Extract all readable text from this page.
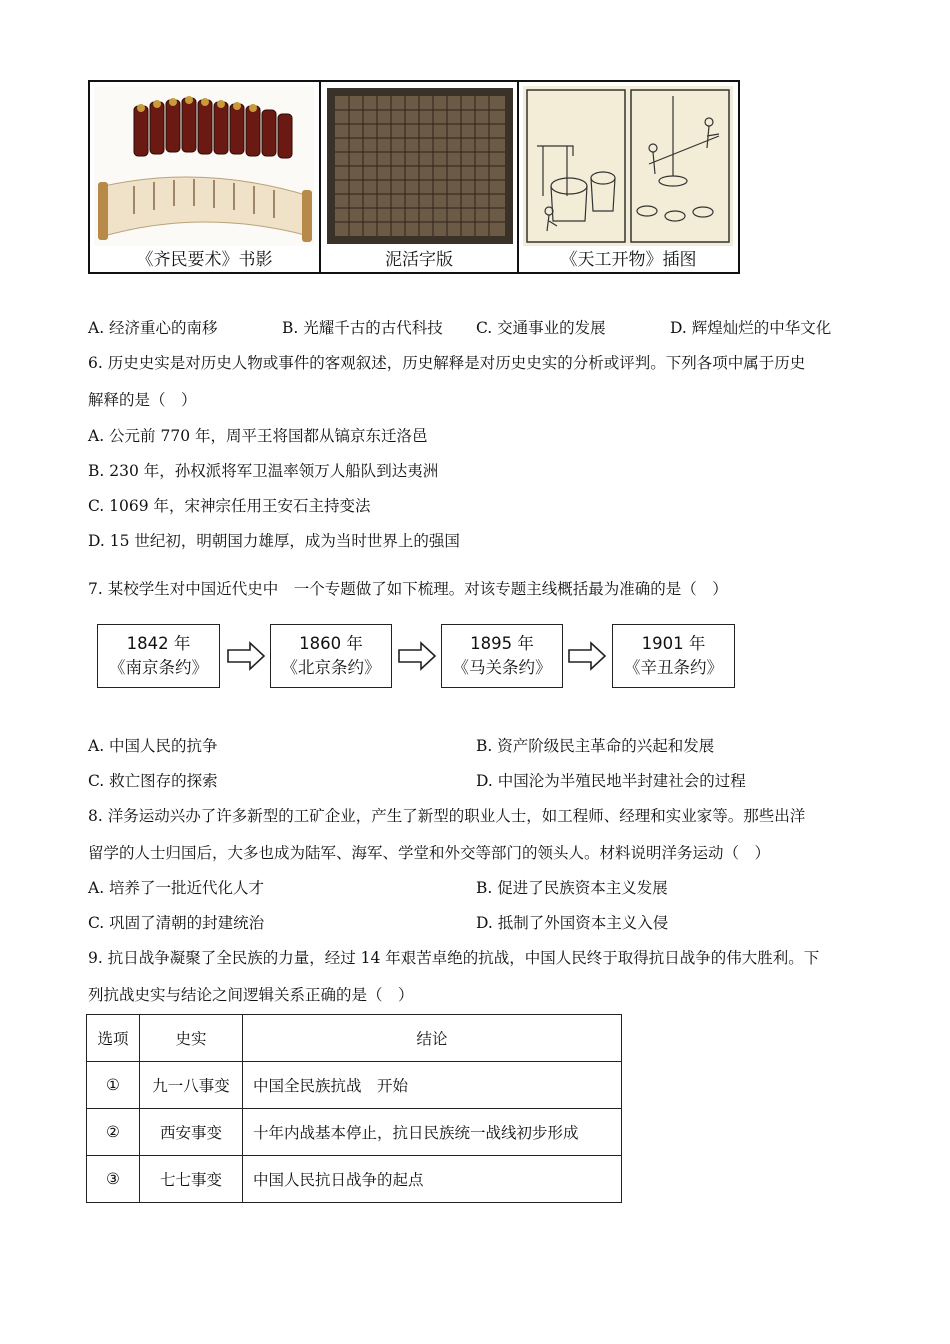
《齐民要术》书影	泥活字版	《天工开物》插图
A. 经济重心的南移	B. 光耀千古的古代科技 C. 交通事业的发展	D. 辉煌灿烂的中华文化
6. 历史史实是对历史人物或事件的客观叙述，历史解释是对历史史实的分析或评判。下列各项中属于历史
解释的是（　）
A. 公元前 770 年，周平王将国都从镐京东迁洛邑
B. 230 年，孙权派将军卫温率领万人船队到达夷洲
C. 1069 年，宋神宗任用王安石主持变法
D. 15 世纪初，明朝国力雄厚，成为当时世界上的强国
7. 某校学生对中国近代史中　一个专题做了如下梳理。对该专题主线概括最为准确的是（　）
1842 年
《南京条约》
1860 年
《北京条约》
1895 年
《马关条约》
1901 年
《辛丑条约》
A. 中国人民的抗争	B. 资产阶级民主革命的兴起和发展
C. 救亡图存的探索	D. 中国沦为半殖民地半封建社会的过程
8. 洋务运动兴办了许多新型的工矿企业，产生了新型的职业人士，如工程师、经理和实业家等。那些出洋
留学的人士归国后，大多也成为陆军、海军、学堂和外交等部门的领头人。材料说明洋务运动（　）
A. 培养了一批近代化人才	B. 促进了民族资本主义发展
C. 巩固了清朝的封建统治	D. 抵制了外国资本主义入侵
9. 抗日战争凝聚了全民族的力量，经过 14 年艰苦卓绝的抗战，中国人民终于取得抗日战争的伟大胜利。下
列抗战史实与结论之间逻辑关系正确的是（　）
选项	史实	结论
①	九一八事变	中国全民族抗战　开始
②	西安事变	十年内战基本停止，抗日民族统一战线初步形成
③	七七事变	中国人民抗日战争的起点
